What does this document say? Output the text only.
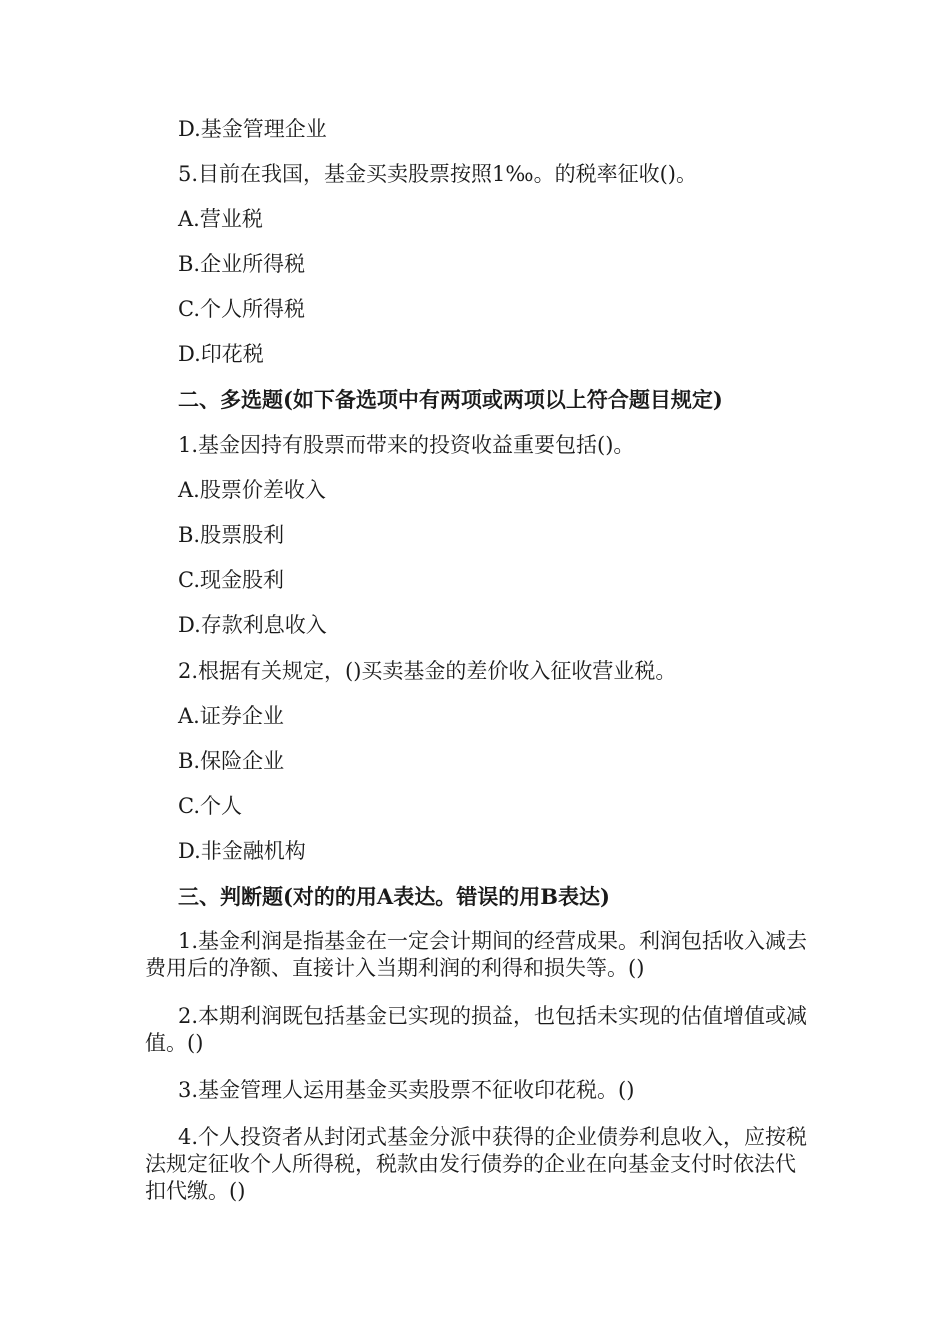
D.基金管理企业
5.目前在我国，基金买卖股票按照1‰。的税率征收()。
A.营业税
B.企业所得税
C.个人所得税
D.印花税
二、多选题(如下备选项中有两项或两项以上符合题目规定)
1.基金因持有股票而带来的投资收益重要包括()。
A.股票价差收入
B.股票股利
C.现金股利
D.存款利息收入
2.根据有关规定，()买卖基金的差价收入征收营业税。
A.证券企业
B.保险企业
C.个人
D.非金融机构
三、判断题(对的的用A表达。错误的用B表达)
1.基金利润是指基金在一定会计期间的经营成果。利润包括收入减去费用后的净额、直接计入当期利润的利得和损失等。()
2.本期利润既包括基金已实现的损益，也包括未实现的估值增值或减值。()
3.基金管理人运用基金买卖股票不征收印花税。()
4.个人投资者从封闭式基金分派中获得的企业债券利息收入，应按税法规定征收个人所得税，税款由发行债券的企业在向基金支付时依法代扣代缴。()
